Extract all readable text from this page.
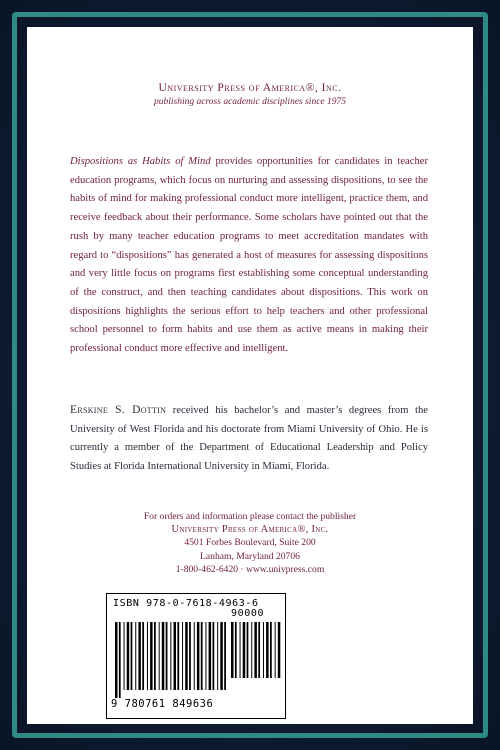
University Press of America®, Inc.
publishing across academic disciplines since 1975

Dispositions as Habits of Mind provides opportunities for candidates in teacher education programs, which focus on nurturing and assessing dispositions, to see the habits of mind for making professional conduct more intelligent, practice them, and receive feedback about their performance. Some scholars have pointed out that the rush by many teacher education programs to meet accreditation mandates with regard to “dispositions” has generated a host of measures for assessing dispositions and very little focus on programs first establishing some conceptual understanding of the construct, and then teaching candidates about dispositions. This work on dispositions highlights the serious effort to help teachers and other professional school personnel to form habits and use them as active means in making their professional conduct more effective and intelligent.

Erskine S. Dottin received his bachelor’s and master’s degrees from the University of West Florida and his doctorate from Miami University of Ohio. He is currently a member of the Department of Educational Leadership and Policy Studies at Florida International University in Miami, Florida.

For orders and information please contact the publisher
University Press of America®, Inc.
4501 Forbes Boulevard, Suite 200
Lanham, Maryland 20706
1-800-462-6420 · www.univpress.com
ISBN 978-0-7618-4963-6
90000
9 780761 849636
